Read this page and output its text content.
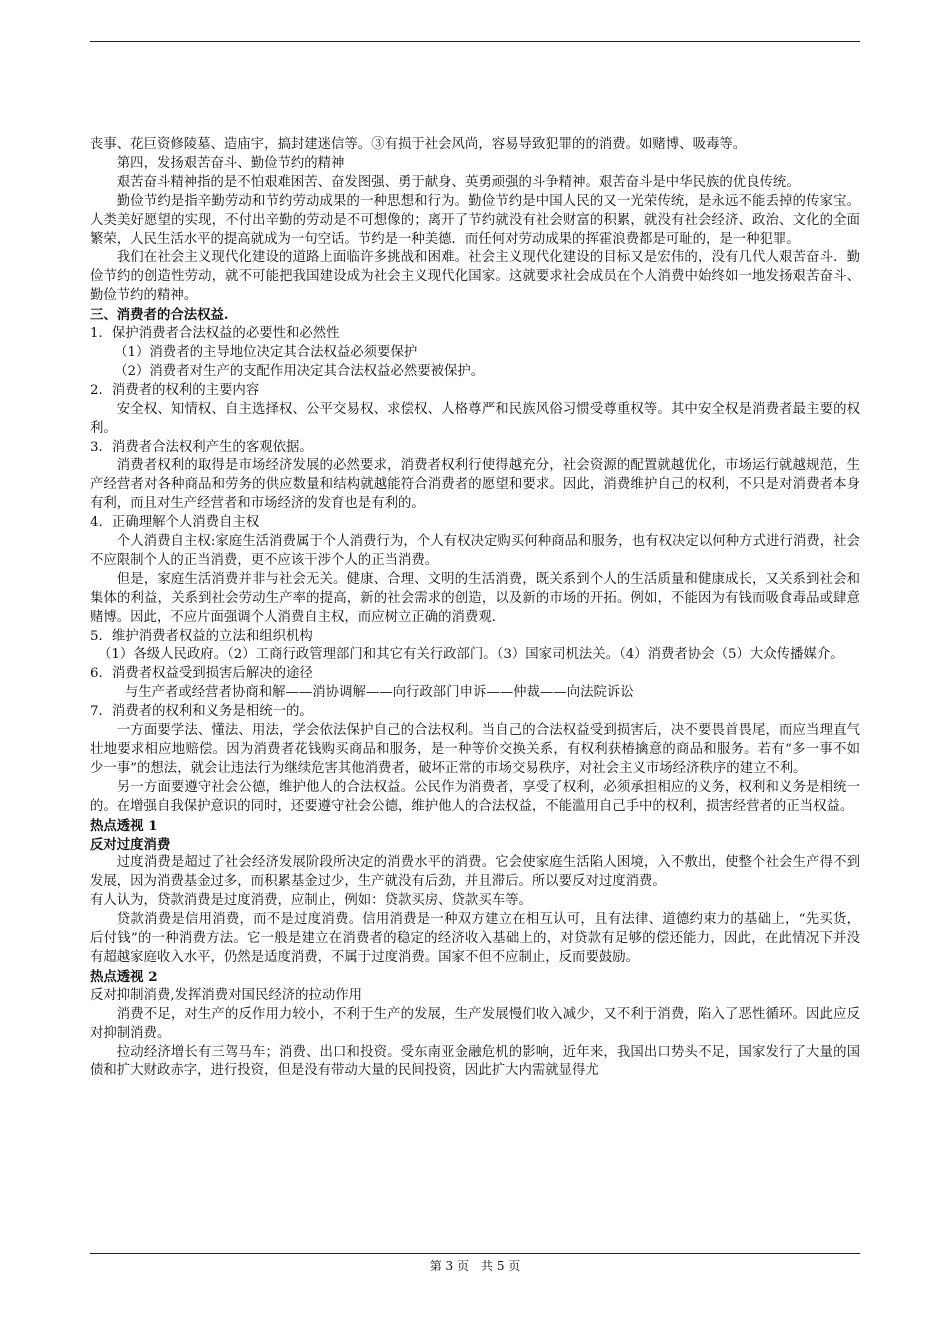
丧事、花巨资修陵墓、造庙宇，搞封建迷信等。③有损于社会风尚，容易导致犯罪的的消费。如赌博、吸毒等。

第四，发扬艰苦奋斗、勤俭节约的精神

艰苦奋斗精神指的是不怕艰难困苦、奋发图强、勇于献身、英勇顽强的斗争精神。艰苦奋斗是中华民族的优良传统。

勤俭节约是指辛勤劳动和节约劳动成果的一种思想和行为。勤俭节约是中国人民的又一光荣传统，是永远不能丢掉的传家宝。人类美好愿望的实现，不付出辛勤的劳动是不可想像的；离开了节约就没有社会财富的积累，就没有社会经济、政治、文化的全面繁荣，人民生活水平的提高就成为一句空话。节约是一种美德．而任何对劳动成果的挥霍浪费都是可耻的，是一种犯罪。

我们在社会主义现代化建设的道路上面临许多挑战和困难。社会主义现代化建设的目标又是宏伟的，没有几代人艰苦奋斗．勤俭节约的创造性劳动，就不可能把我国建设成为社会主义现代化国家。这就要求社会成员在个人消费中始终如一地发扬艰苦奋斗、勤俭节约的精神。

三、消费者的合法权益.

1．保护消费者合法权益的必要性和必然性

（1）消费者的主导地位决定其合法权益必须要保护

（2）消费者对生产的支配作用决定其合法权益必然要被保护。

2．消费者的权利的主要内容

安全权、知情权、自主选择权、公平交易权、求偿权、人格尊严和民族风俗习惯受尊重权等。其中安全权是消费者最主要的权利。

3．消费者合法权利产生的客观依据。

消费者权利的取得是市场经济发展的必然要求，消费者权利行使得越充分，社会资源的配置就越优化，市场运行就越规范，生产经营者对各种商品和劳务的供应数量和结构就越能符合消费者的愿望和要求。因此，消费维护自己的权利，不只是对消费者本身有利，而且对生产经营者和市场经济的发育也是有利的。

4．正确理解个人消费自主权

个人消费自主权:家庭生活消费属于个人消费行为，个人有权决定购买何种商品和服务，也有权决定以何种方式进行消费，社会不应限制个人的正当消费，更不应该干涉个人的正当消费。

但是，家庭生活消费并非与社会无关。健康、合理、文明的生活消费，既关系到个人的生活质量和健康成长，又关系到社会和集体的利益，关系到社会劳动生产率的提高，新的社会需求的创造，以及新的市场的开拓。例如，不能因为有钱而吸食毒品或肆意赌博。因此，不应片面强调个人消费自主权，而应树立正确的消费观．

5．维护消费者权益的立法和组织机构

（1）各级人民政府。（2）工商行政管理部门和其它有关行政部门。（3）国家司机法关。（4）消费者协会（5）大众传播媒介。

6．消费者权益受到损害后解决的途径

与生产者或经营者协商和解——消协调解——向行政部门申诉——仲裁——向法院诉讼

7．消费者的权利和义务是相统一的。

一方面要学法、懂法、用法，学会依法保护自己的合法权利。当自己的合法权益受到损害后，决不要畏首畏尾，而应当理直气壮地要求相应地赔偿。因为消费者花钱购买商品和服务，是一种等价交换关系，有权利获椿擒意的商品和服务。若有“多一事不如少一事”的想法，就会让违法行为继续危害其他消费者，破坏正常的市场交易秩序，对社会主义市场经济秩序的建立不利。

另一方面要遵守社会公德，维护他人的合法权益。公民作为消费者，享受了权利，必须承担相应的义务，权利和义务是相统一的。在增强自我保护意识的同时，还要遵守社会公德，维护他人的合法权益，不能滥用自己手中的权利，损害经营者的正当权益。

热点透视 1

反对过度消费

过度消费是超过了社会经济发展阶段所决定的消费水平的消费。它会使家庭生活陷人困境，入不敷出，使整个社会生产得不到发展，因为消费基金过多，而积累基金过少，生产就没有后劲，并且滞后。所以要反对过度消费。

有人认为，贷款消费是过度消费，应制止，例如：贷款买房、贷款买车等。

贷款消费是信用消费，而不是过度消费。信用消费是一种双方建立在相互认可，且有法律、道德约束力的基础上，“先买货，后付钱”的一种消费方法。它一般是建立在消费者的稳定的经济收入基础上的，对贷款有足够的偿还能力，因此，在此情况下并没有超越家庭收入水平，仍然是适度消费，不属于过度消费。国家不但不应制止，反而要鼓励。

热点透视 2

反对抑制消费,发挥消费对国民经济的拉动作用

消费不足，对生产的反作用力较小，不利于生产的发展，生产发展慢们收入减少，又不利于消费，陷入了恶性循环。因此应反对抑制消费。

拉动经济增长有三驾马车；消费、出口和投资。受东南亚金融危机的影响，近年来，我国出口势头不足，国家发行了大量的国债和扩大财政赤字，进行投资，但是没有带动大量的民间投资，因此扩大内需就显得尤

第 3 页　共 5 页
